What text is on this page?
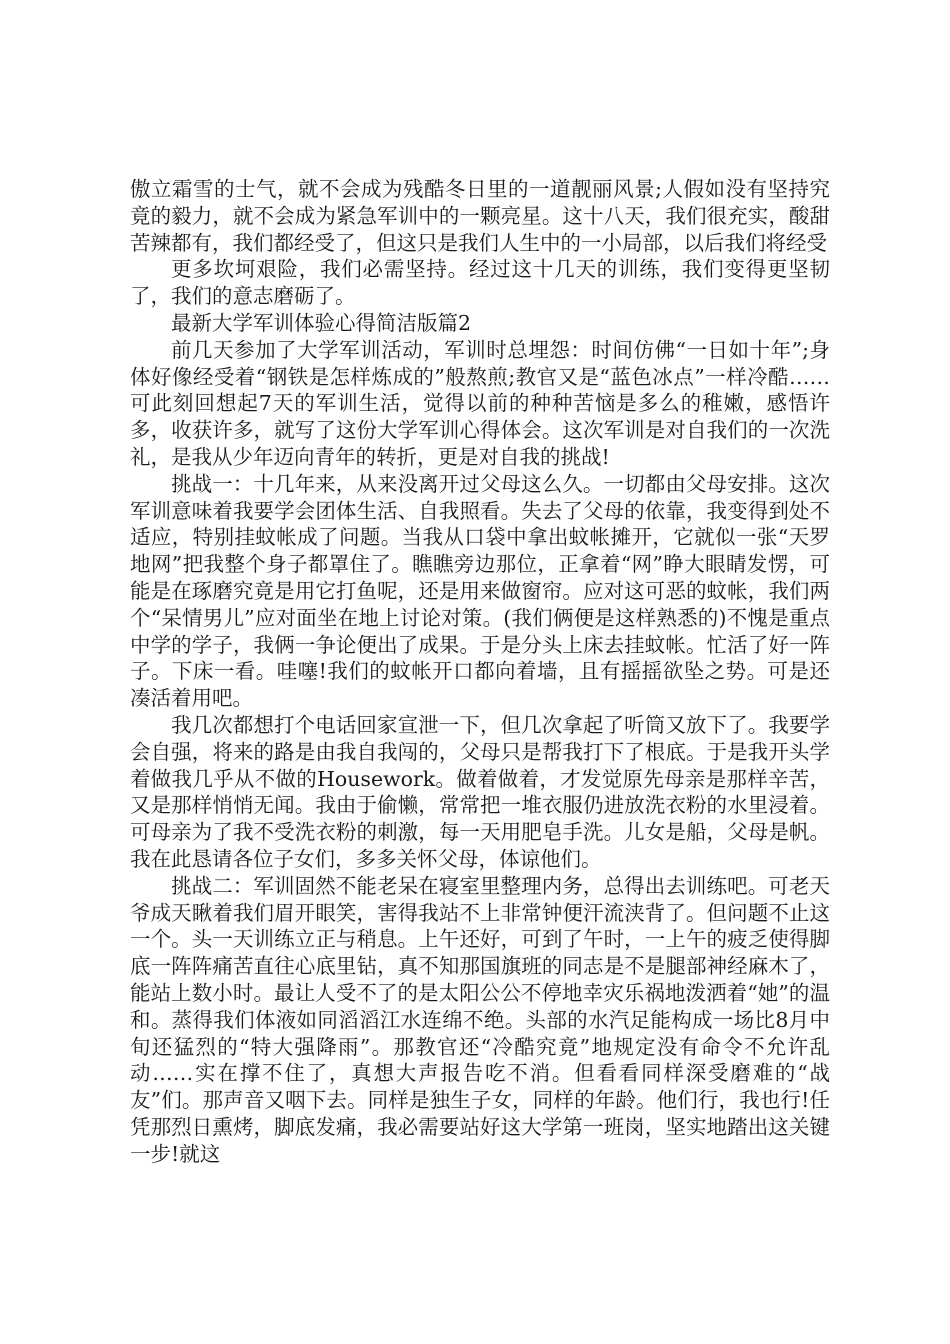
傲立霜雪的士气，就不会成为残酷冬日里的一道靓丽风景;人假如没有坚持究竟的毅力，就不会成为紧急军训中的一颗亮星。这十八天，我们很充实，酸甜苦辣都有，我们都经受了，但这只是我们人生中的一小局部，以后我们将经受

更多坎坷艰险，我们必需坚持。经过这十几天的训练，我们变得更坚韧了，我们的意志磨砺了。

最新大学军训体验心得简洁版篇2

前几天参加了大学军训活动，军训时总埋怨：时间仿佛“一日如十年”;身体好像经受着“钢铁是怎样炼成的”般熬煎;教官又是“蓝色冰点”一样冷酷……可此刻回想起7天的军训生活，觉得以前的种种苦恼是多么的稚嫩，感悟许多，收获许多，就写了这份大学军训心得体会。这次军训是对自我们的一次洗礼，是我从少年迈向青年的转折，更是对自我的挑战!

挑战一：十几年来，从来没离开过父母这么久。一切都由父母安排。这次军训意味着我要学会团体生活、自我照看。失去了父母的依靠，我变得到处不适应，特别挂蚊帐成了问题。当我从口袋中拿出蚊帐摊开，它就似一张“天罗地网”把我整个身子都罩住了。瞧瞧旁边那位，正拿着“网”睁大眼睛发愣，可能是在琢磨究竟是用它打鱼呢，还是用来做窗帘。应对这可恶的蚊帐，我们两个“呆情男儿”应对面坐在地上讨论对策。(我们俩便是这样熟悉的)不愧是重点中学的学子，我俩一争论便出了成果。于是分头上床去挂蚊帐。忙活了好一阵子。下床一看。哇噻!我们的蚊帐开口都向着墙，且有摇摇欲坠之势。可是还凑活着用吧。

我几次都想打个电话回家宣泄一下，但几次拿起了听筒又放下了。我要学会自强，将来的路是由我自我闯的，父母只是帮我打下了根底。于是我开头学着做我几乎从不做的Housework。做着做着，才发觉原先母亲是那样辛苦，又是那样悄悄无闻。我由于偷懒，常常把一堆衣服仍进放洗衣粉的水里浸着。可母亲为了我不受洗衣粉的刺激，每一天用肥皂手洗。儿女是船，父母是帆。我在此恳请各位子女们，多多关怀父母，体谅他们。

挑战二：军训固然不能老呆在寝室里整理内务，总得出去训练吧。可老天爷成天瞅着我们眉开眼笑，害得我站不上非常钟便汗流浃背了。但问题不止这一个。头一天训练立正与稍息。上午还好，可到了午时，一上午的疲乏使得脚底一阵阵痛苦直往心底里钻，真不知那国旗班的同志是不是腿部神经麻木了，能站上数小时。最让人受不了的是太阳公公不停地幸灾乐祸地泼洒着“她”的温和。蒸得我们体液如同滔滔江水连绵不绝。头部的水汽足能构成一场比8月中旬还猛烈的“特大强降雨”。那教官还“冷酷究竟”地规定没有命令不允许乱动……实在撑不住了，真想大声报告吃不消。但看看同样深受磨难的“战友”们。那声音又咽下去。同样是独生子女，同样的年龄。他们行，我也行!任凭那烈日熏烤，脚底发痛，我必需要站好这大学第一班岗，坚实地踏出这关键一步!就这
